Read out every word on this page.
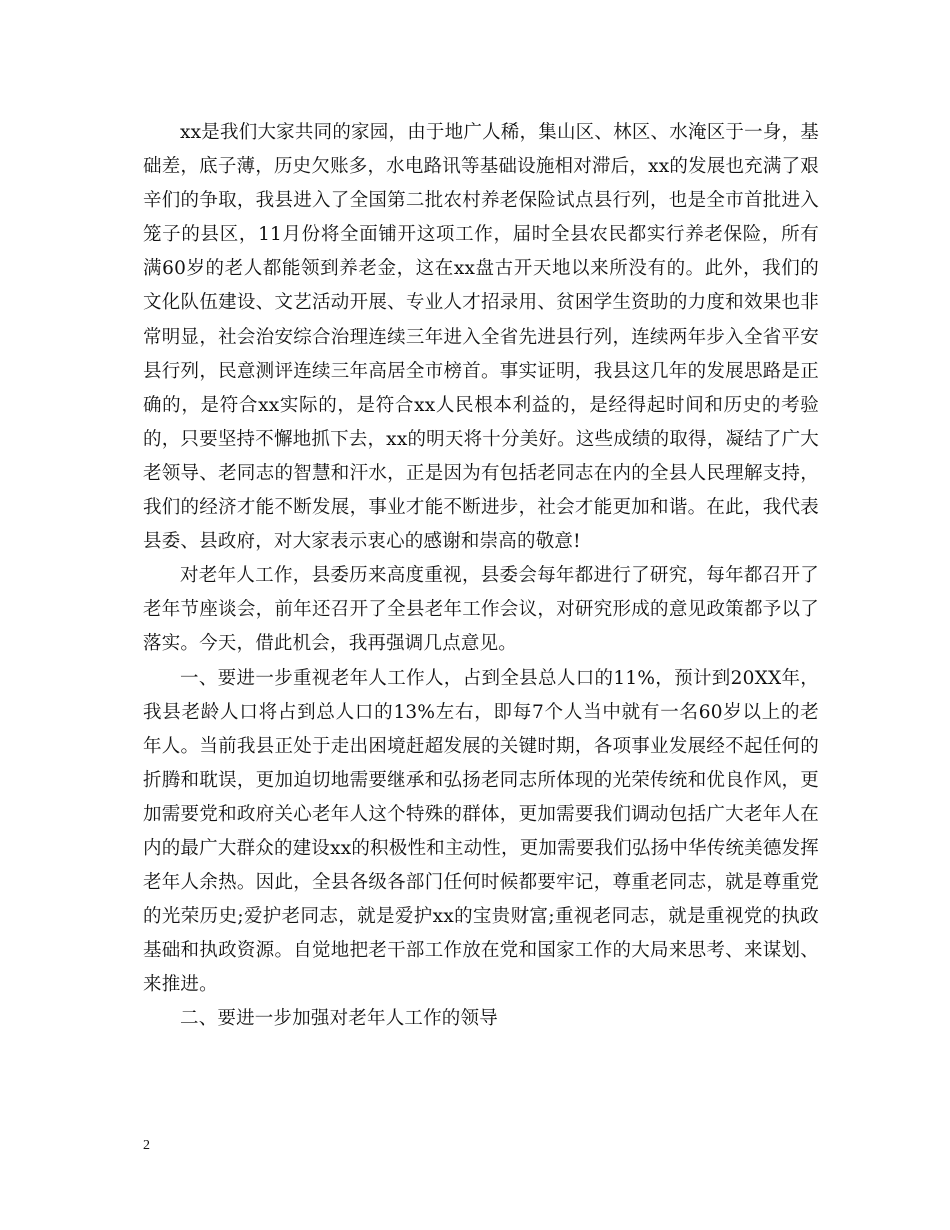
xx是我们大家共同的家园，由于地广人稀，集山区、林区、水淹区于一身，基础差，底子薄，历史欠账多，水电路讯等基础设施相对滞后，xx的发展也充满了艰辛们的争取，我县进入了全国第二批农村养老保险试点县行列，也是全市首批进入笼子的县区，11月份将全面铺开这项工作，届时全县农民都实行养老保险，所有满60岁的老人都能领到养老金，这在xx盘古开天地以来所没有的。此外，我们的文化队伍建设、文艺活动开展、专业人才招录用、贫困学生资助的力度和效果也非常明显，社会治安综合治理连续三年进入全省先进县行列，连续两年步入全省平安县行列，民意测评连续三年高居全市榜首。事实证明，我县这几年的发展思路是正确的，是符合xx实际的，是符合xx人民根本利益的，是经得起时间和历史的考验的，只要坚持不懈地抓下去，xx的明天将十分美好。这些成绩的取得，凝结了广大老领导、老同志的智慧和汗水，正是因为有包括老同志在内的全县人民理解支持，我们的经济才能不断发展，事业才能不断进步，社会才能更加和谐。在此，我代表县委、县政府，对大家表示衷心的感谢和崇高的敬意!

对老年人工作，县委历来高度重视，县委会每年都进行了研究，每年都召开了老年节座谈会，前年还召开了全县老年工作会议，对研究形成的意见政策都予以了落实。今天，借此机会，我再强调几点意见。

一、要进一步重视老年人工作人，占到全县总人口的11%，预计到20XX年，我县老龄人口将占到总人口的13%左右，即每7个人当中就有一名60岁以上的老年人。当前我县正处于走出困境赶超发展的关键时期，各项事业发展经不起任何的折腾和耽误，更加迫切地需要继承和弘扬老同志所体现的光荣传统和优良作风，更加需要党和政府关心老年人这个特殊的群体，更加需要我们调动包括广大老年人在内的最广大群众的建设xx的积极性和主动性，更加需要我们弘扬中华传统美德发挥老年人余热。因此，全县各级各部门任何时候都要牢记，尊重老同志，就是尊重党的光荣历史;爱护老同志，就是爱护xx的宝贵财富;重视老同志，就是重视党的执政基础和执政资源。自觉地把老干部工作放在党和国家工作的大局来思考、来谋划、来推进。

二、要进一步加强对老年人工作的领导

2
